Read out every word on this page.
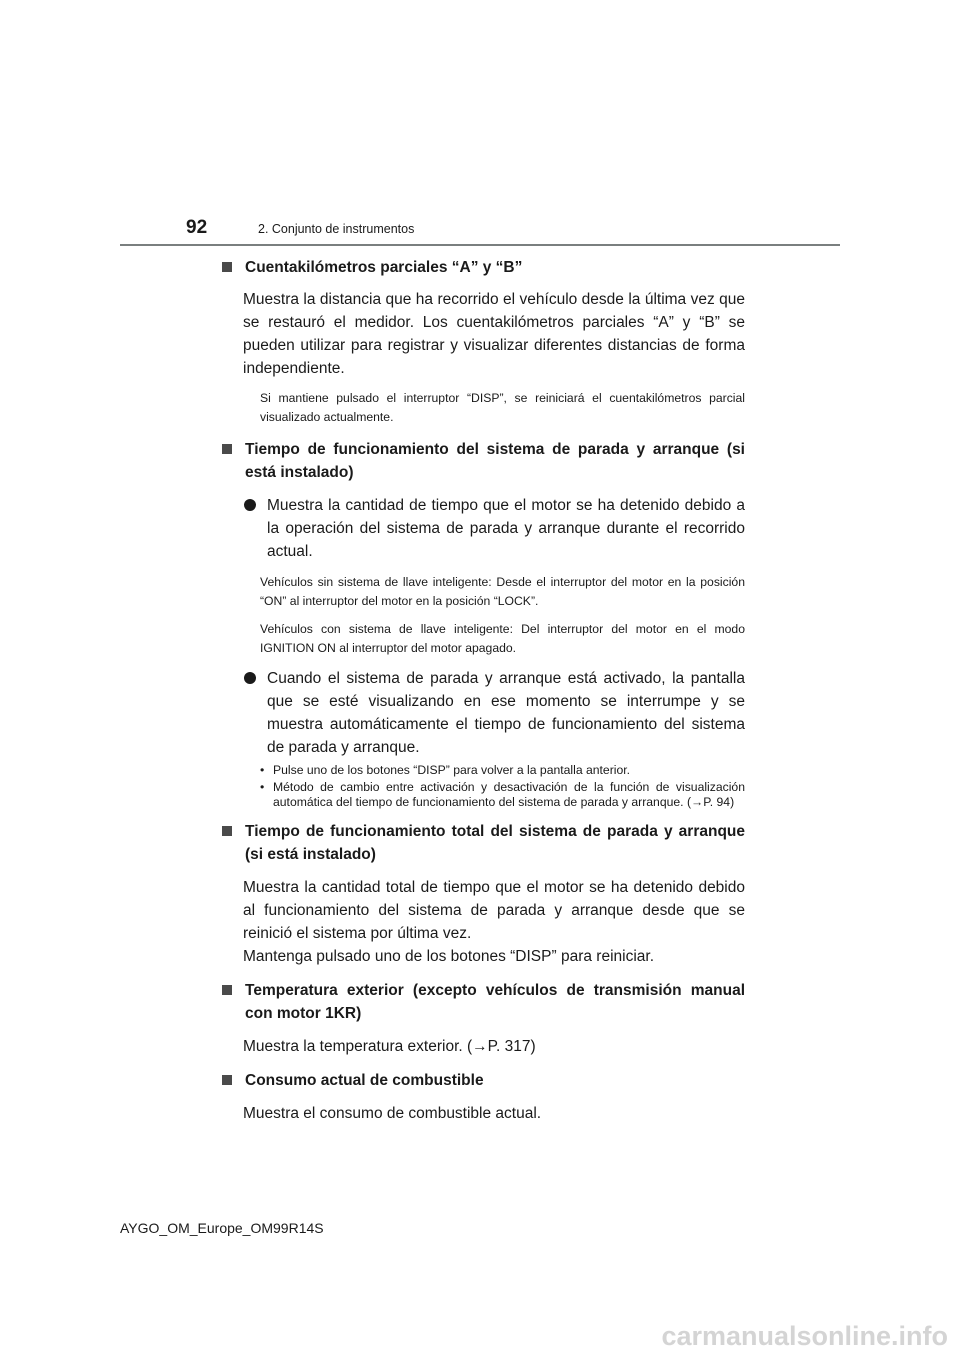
92	2. Conjunto de instrumentos
Cuentakilómetros parciales “A” y “B”
Muestra la distancia que ha recorrido el vehículo desde la última vez que se restauró el medidor. Los cuentakilómetros parciales “A” y “B” se pueden utilizar para registrar y visualizar diferentes distancias de forma independiente.
Si mantiene pulsado el interruptor “DISP”, se reiniciará el cuentakilómetros parcial visualizado actualmente.
Tiempo de funcionamiento del sistema de parada y arranque (si está instalado)
Muestra la cantidad de tiempo que el motor se ha detenido debido a la operación del sistema de parada y arranque durante el recorrido actual.
Vehículos sin sistema de llave inteligente: Desde el interruptor del motor en la posición “ON” al interruptor del motor en la posición “LOCK”.
Vehículos con sistema de llave inteligente: Del interruptor del motor en el modo IGNITION ON al interruptor del motor apagado.
Cuando el sistema de parada y arranque está activado, la pantalla que se esté visualizando en ese momento se interrumpe y se muestra automáticamente el tiempo de funcionamiento del sistema de parada y arranque.
• Pulse uno de los botones “DISP” para volver a la pantalla anterior.
• Método de cambio entre activación y desactivación de la función de visualización automática del tiempo de funcionamiento del sistema de parada y arranque. (→P. 94)
Tiempo de funcionamiento total del sistema de parada y arranque (si está instalado)
Muestra la cantidad total de tiempo que el motor se ha detenido debido al funcionamiento del sistema de parada y arranque desde que se reinició el sistema por última vez.
Mantenga pulsado uno de los botones “DISP” para reiniciar.
Temperatura exterior (excepto vehículos de transmisión manual con motor 1KR)
Muestra la temperatura exterior. (→P. 317)
Consumo actual de combustible
Muestra el consumo de combustible actual.
AYGO_OM_Europe_OM99R14S
carmanualsonline.info
